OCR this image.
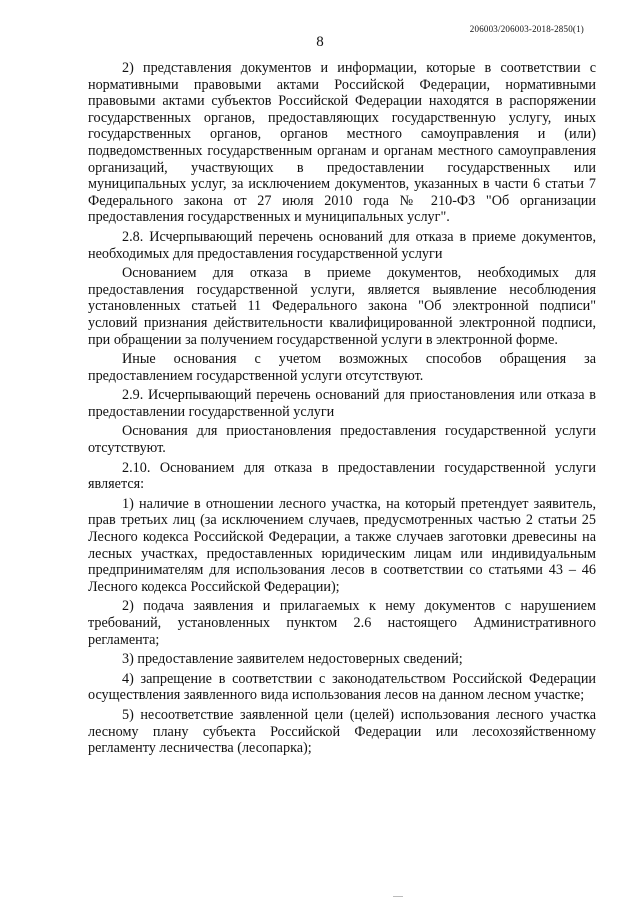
206003/206003-2018-2850(1)
8

2) представления документов и информации, которые в соответствии с нормативными правовыми актами Российской Федерации, нормативными правовыми актами субъектов Российской Федерации находятся в распоряжении государственных органов, предоставляющих государственную услугу, иных государственных органов, органов местного самоуправления и (или) подведомственных государственным органам и органам местного самоуправления организаций, участвующих в предоставлении государственных или муниципальных услуг, за исключением документов, указанных в части 6 статьи 7 Федерального закона от 27 июля 2010 года № 210-ФЗ "Об организации предоставления государственных и муниципальных услуг".

2.8. Исчерпывающий перечень оснований для отказа в приеме документов, необходимых для предоставления государственной услуги

Основанием для отказа в приеме документов, необходимых для предоставления государственной услуги, является выявление несоблюдения установленных статьей 11 Федерального закона "Об электронной подписи" условий признания действительности квалифицированной электронной подписи, при обращении за получением государственной услуги в электронной форме.

Иные основания с учетом возможных способов обращения за предоставлением государственной услуги отсутствуют.

2.9. Исчерпывающий перечень оснований для приостановления или отказа в предоставлении государственной услуги

Основания для приостановления предоставления государственной услуги отсутствуют.

2.10. Основанием для отказа в предоставлении государственной услуги является:

1) наличие в отношении лесного участка, на который претендует заявитель, прав третьих лиц (за исключением случаев, предусмотренных частью 2 статьи 25 Лесного кодекса Российской Федерации, а также случаев заготовки древесины на лесных участках, предоставленных юридическим лицам или индивидуальным предпринимателям для использования лесов в соответствии со статьями 43 – 46 Лесного кодекса Российской Федерации);

2) подача заявления и прилагаемых к нему документов с нарушением требований, установленных пунктом 2.6 настоящего Административного регламента;

3) предоставление заявителем недостоверных сведений;

4) запрещение в соответствии с законодательством Российской Федерации осуществления заявленного вида использования лесов на данном лесном участке;

5) несоответствие заявленной цели (целей) использования лесного участка лесному плану субъекта Российской Федерации или лесохозяйственному регламенту лесничества (лесопарка);
